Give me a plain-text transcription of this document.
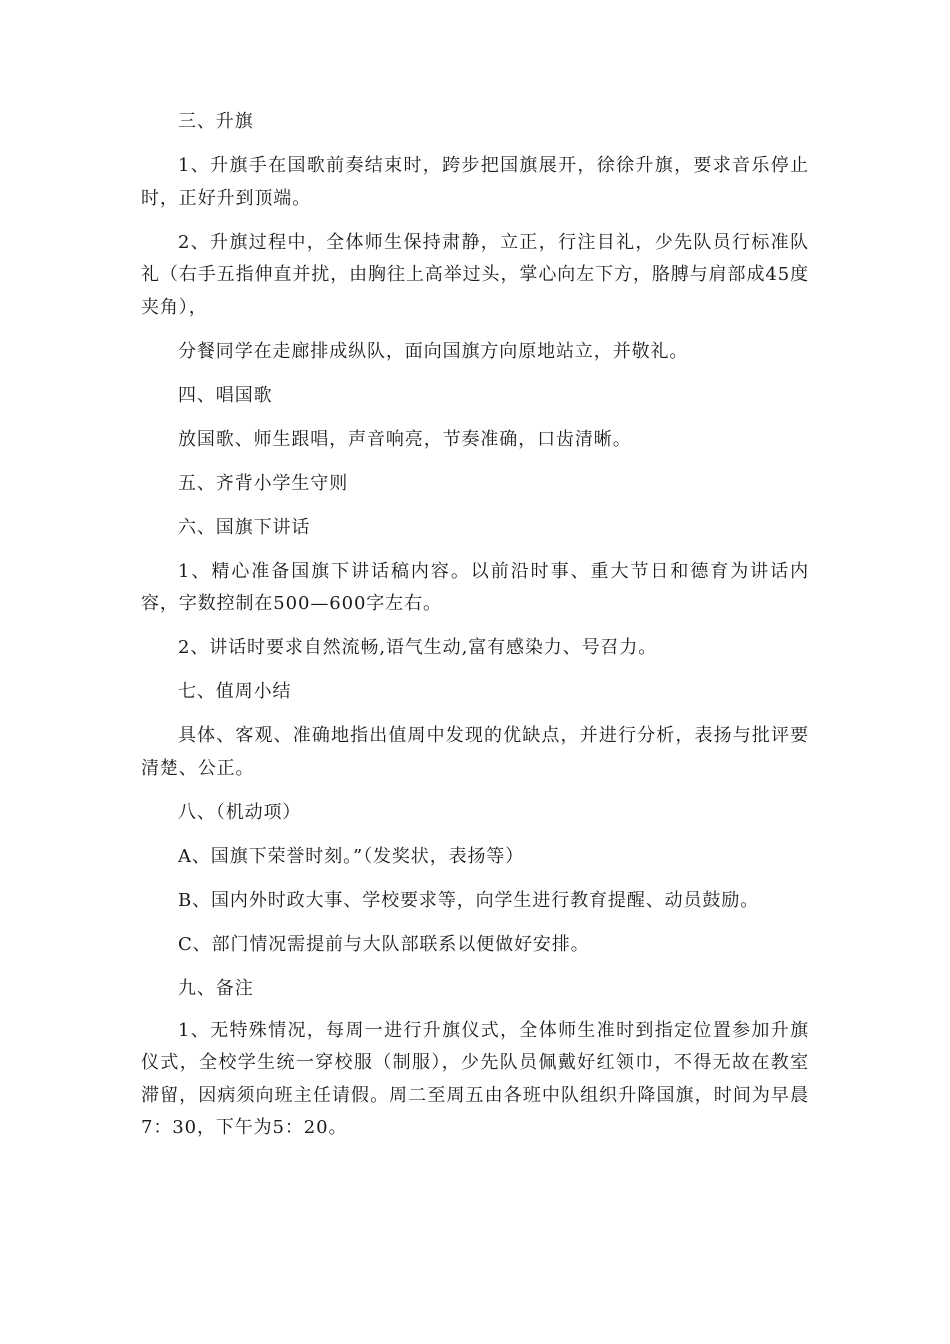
三、升旗

1、升旗手在国歌前奏结束时，跨步把国旗展开，徐徐升旗，要求音乐停止时，正好升到顶端。

2、升旗过程中，全体师生保持肃静，立正，行注目礼，少先队员行标准队礼（右手五指伸直并扰，由胸往上高举过头，掌心向左下方，胳膊与肩部成45度夹角），

分餐同学在走廊排成纵队，面向国旗方向原地站立，并敬礼。

四、唱国歌

放国歌、师生跟唱，声音响亮，节奏准确，口齿清晰。

五、齐背小学生守则

六、国旗下讲话

1、精心准备国旗下讲话稿内容。以前沿时事、重大节日和德育为讲话内容，字数控制在500—600字左右。

2、讲话时要求自然流畅,语气生动,富有感染力、号召力。

七、值周小结

具体、客观、准确地指出值周中发现的优缺点，并进行分析，表扬与批评要清楚、公正。

八、（机动项）

A、国旗下荣誉时刻。”（发奖状，表扬等）

B、国内外时政大事、学校要求等，向学生进行教育提醒、动员鼓励。

C、部门情况需提前与大队部联系以便做好安排。

九、备注

1、无特殊情况，每周一进行升旗仪式，全体师生准时到指定位置参加升旗仪式，全校学生统一穿校服（制服），少先队员佩戴好红领巾，不得无故在教室滞留，因病须向班主任请假。周二至周五由各班中队组织升降国旗，时间为早晨7：30，下午为5：20。
